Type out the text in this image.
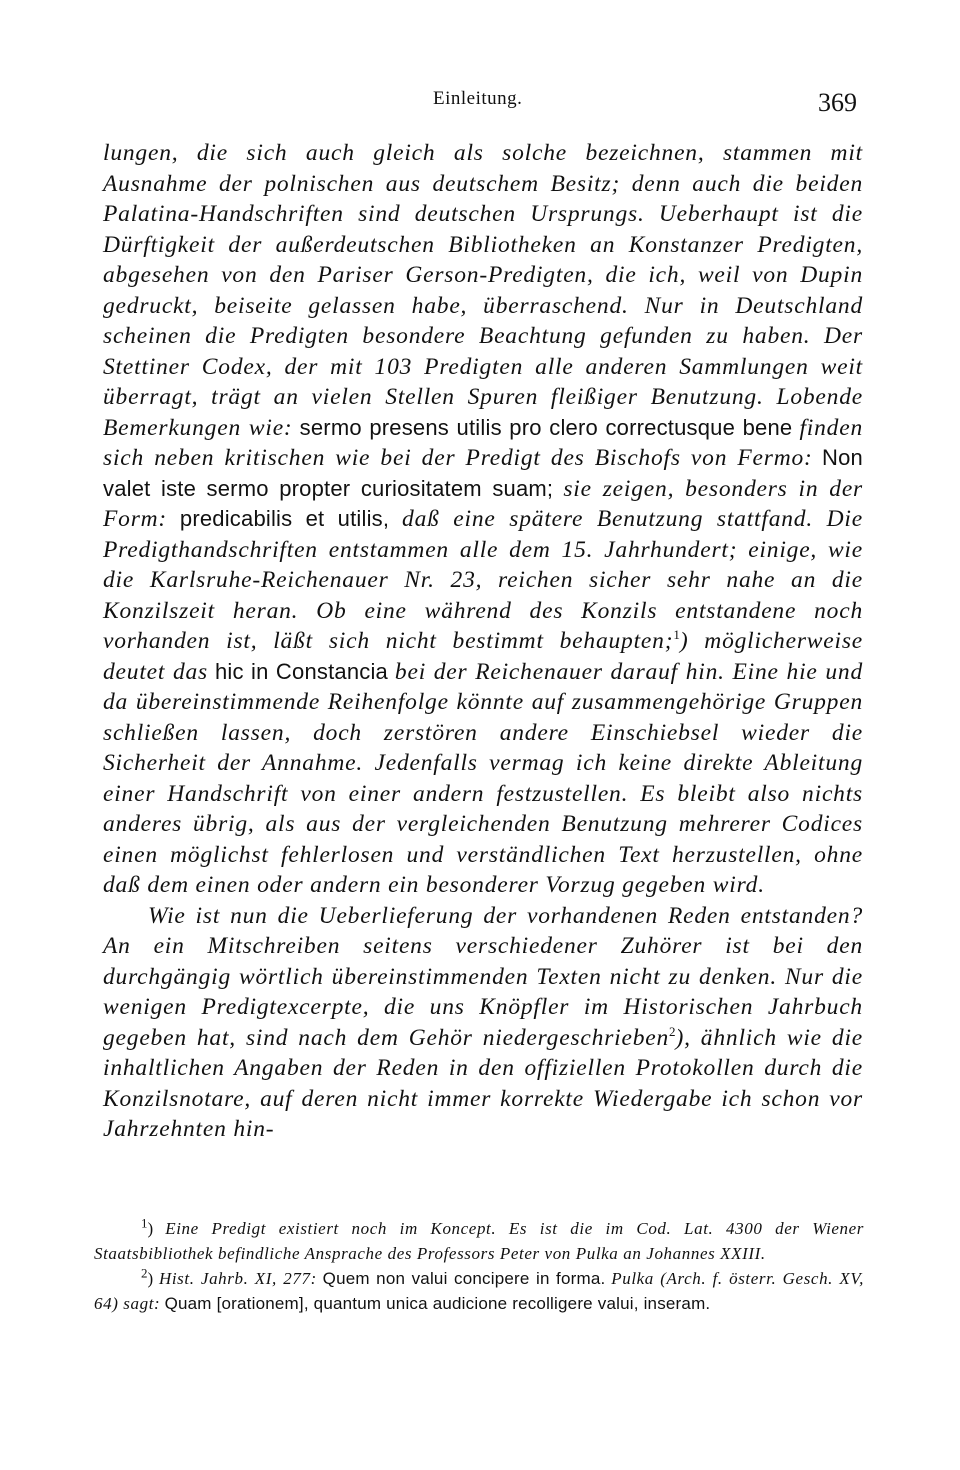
Einleitung.	369

lungen, die sich auch gleich als solche bezeichnen, stammen mit Ausnahme der polnischen aus deutschem Besitz; denn auch die beiden Palatina-Handschriften sind deutschen Ursprungs. Ueberhaupt ist die Dürftigkeit der außerdeutschen Bibliotheken an Konstanzer Predigten, abgesehen von den Pariser Gerson-Predigten, die ich, weil von Dupin gedruckt, beiseite gelassen habe, überraschend. Nur in Deutschland scheinen die Predigten besondere Beachtung gefunden zu haben. Der Stettiner Codex, der mit 103 Predigten alle anderen Sammlungen weit überragt, trägt an vielen Stellen Spuren fleißiger Benutzung. Lobende Bemerkungen wie: sermo presens utilis pro clero correctusque bene finden sich neben kritischen wie bei der Predigt des Bischofs von Fermo: Non valet iste sermo propter curiositatem suam; sie zeigen, besonders in der Form: predicabilis et utilis, daß eine spätere Benutzung stattfand. Die Predigthandschriften entstammen alle dem 15. Jahrhundert; einige, wie die Karlsruhe-Reichenauer Nr. 23, reichen sicher sehr nahe an die Konzilszeit heran. Ob eine während des Konzils entstandene noch vorhanden ist, läßt sich nicht bestimmt behaupten;$^1$) möglicherweise deutet das hic in Constancia bei der Reichenauer darauf hin. Eine hie und da übereinstimmende Reihenfolge könnte auf zusammengehörige Gruppen schließen lassen, doch zerstören andere Einschiebsel wieder die Sicherheit der Annahme. Jedenfalls vermag ich keine direkte Ableitung einer Handschrift von einer andern festzustellen. Es bleibt also nichts anderes übrig, als aus der vergleichenden Benutzung mehrerer Codices einen möglichst fehlerlosen und verständlichen Text herzustellen, ohne daß dem einen oder andern ein besonderer Vorzug gegeben wird.

Wie ist nun die Ueberlieferung der vorhandenen Reden entstanden? An ein Mitschreiben seitens verschiedener Zuhörer ist bei den durchgängig wörtlich übereinstimmenden Texten nicht zu denken. Nur die wenigen Predigtexcerpte, die uns Knöpfler im Historischen Jahrbuch gegeben hat, sind nach dem Gehör niedergeschrieben$^2$), ähnlich wie die inhaltlichen Angaben der Reden in den offiziellen Protokollen durch die Konzilsnotare, auf deren nicht immer korrekte Wiedergabe ich schon vor Jahrzehnten hin-

$^1$) Eine Predigt existiert noch im Koncept. Es ist die im Cod. Lat. 4300 der Wiener Staatsbibliothek befindliche Ansprache des Professors Peter von Pulka an Johannes XXIII.

$^2$) Hist. Jahrb. XI, 277: Quem non valui concipere in forma. Pulka (Arch. f. österr. Gesch. XV, 64) sagt: Quam [orationem], quantum unica audicione recolligere valui, inseram.
